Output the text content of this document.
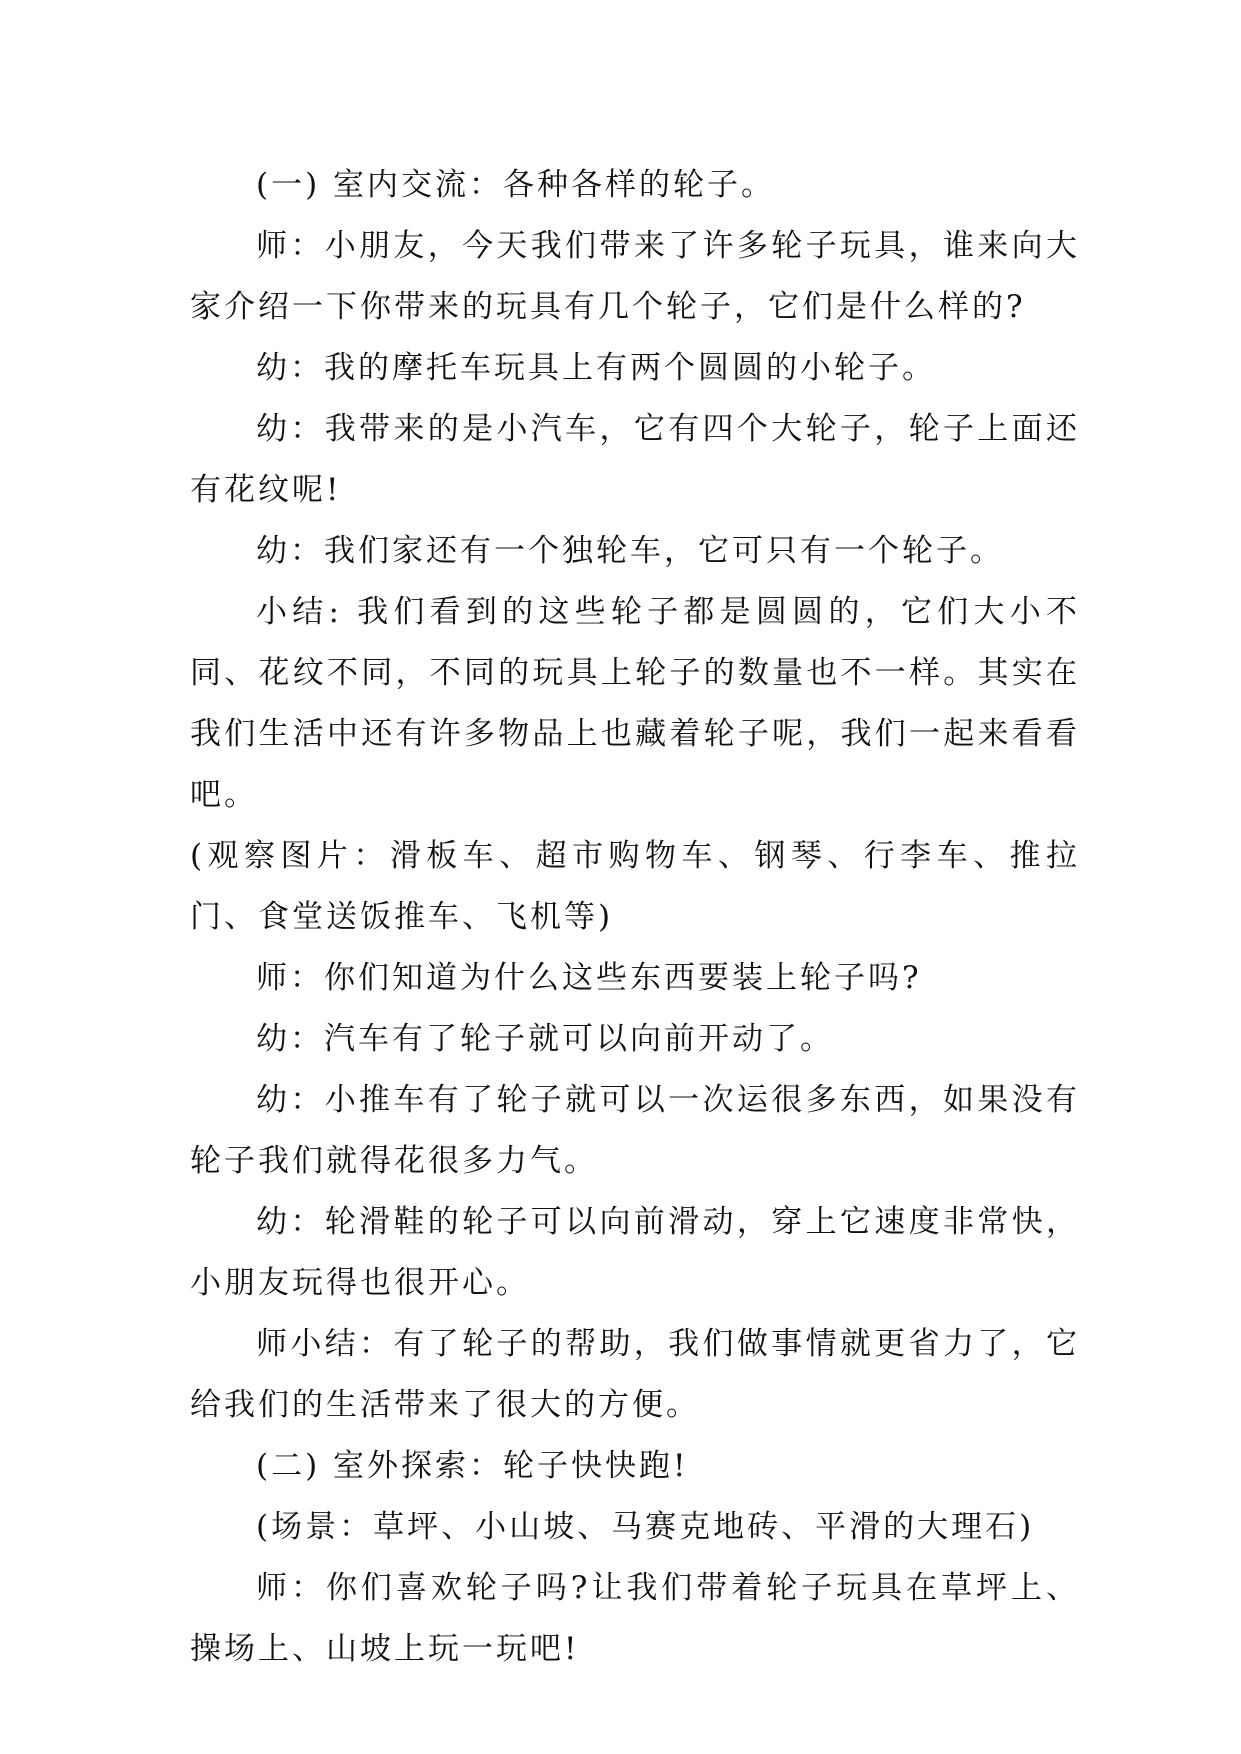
(一) 室内交流：各种各样的轮子。

师：小朋友，今天我们带来了许多轮子玩具，谁来向大家介绍一下你带来的玩具有几个轮子，它们是什么样的?

幼：我的摩托车玩具上有两个圆圆的小轮子。

幼：我带来的是小汽车，它有四个大轮子，轮子上面还有花纹呢!

幼：我们家还有一个独轮车，它可只有一个轮子。

小结: 我们看到的这些轮子都是圆圆的，它们大小不同、花纹不同，不同的玩具上轮子的数量也不一样。其实在我们生活中还有许多物品上也藏着轮子呢，我们一起来看看吧。

(观察图片：滑板车、超市购物车、钢琴、行李车、推拉门、食堂送饭推车、飞机等)

师：你们知道为什么这些东西要装上轮子吗?

幼：汽车有了轮子就可以向前开动了。

幼：小推车有了轮子就可以一次运很多东西，如果没有轮子我们就得花很多力气。

幼：轮滑鞋的轮子可以向前滑动，穿上它速度非常快，小朋友玩得也很开心。

师小结：有了轮子的帮助，我们做事情就更省力了，它给我们的生活带来了很大的方便。

(二) 室外探索：轮子快快跑!

(场景：草坪、小山坡、马赛克地砖、平滑的大理石)

师：你们喜欢轮子吗?让我们带着轮子玩具在草坪上、操场上、山坡上玩一玩吧!
